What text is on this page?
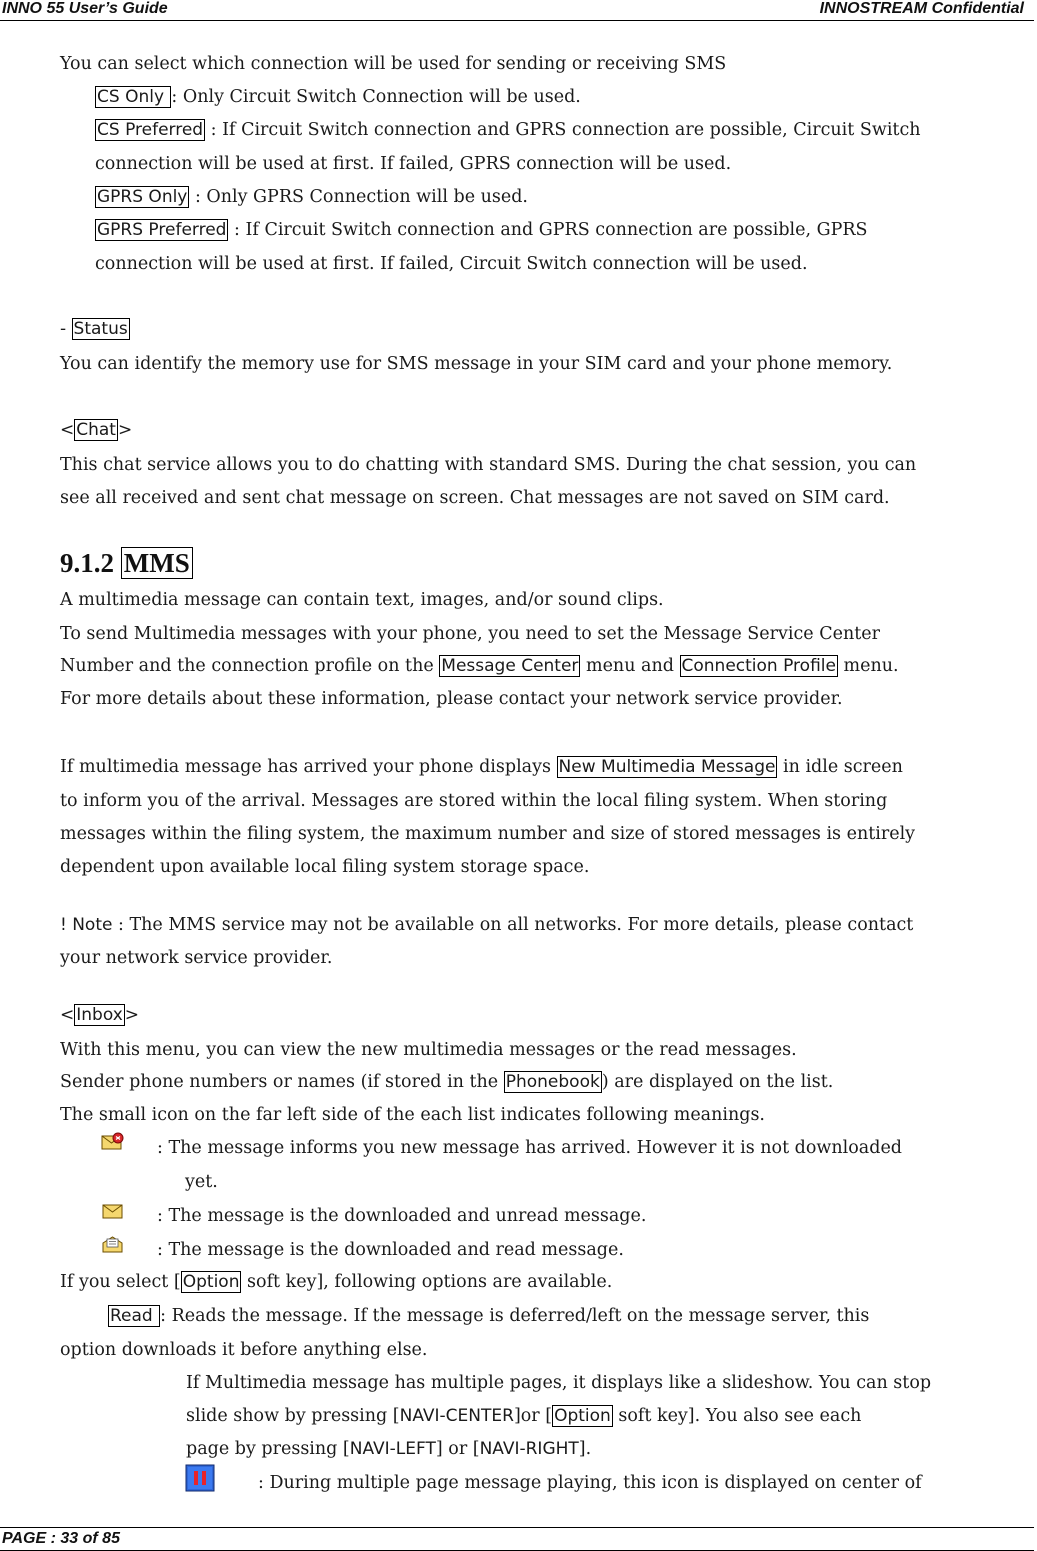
INNO 55 User’s Guide	INNOSTREAM Confidential
You can select which connection will be used for sending or receiving SMS
CS Only : Only Circuit Switch Connection will be used.
CS Preferred : If Circuit Switch connection and GPRS connection are possible, Circuit Switch
connection will be used at first. If failed, GPRS connection will be used.
GPRS Only : Only GPRS Connection will be used.
GPRS Preferred : If Circuit Switch connection and GPRS connection are possible, GPRS
connection will be used at first. If failed, Circuit Switch connection will be used.
- Status
You can identify the memory use for SMS message in your SIM card and your phone memory.
< Chat >
This chat service allows you to do chatting with standard SMS. During the chat session, you can
see all received and sent chat message on screen. Chat messages are not saved on SIM card.
9.1.2 MMS
A multimedia message can contain text, images, and/or sound clips.
To send Multimedia messages with your phone, you need to set the Message Service Center
Number and the connection profile on the Message Center menu and Connection Profile menu.
For more details about these information, please contact your network service provider.
If multimedia message has arrived your phone displays New Multimedia Message in idle screen
to inform you of the arrival. Messages are stored within the local filing system. When storing
messages within the filing system, the maximum number and size of stored messages is entirely
dependent upon available local filing system storage space.
! Note : The MMS service may not be available on all networks. For more details, please contact
your network service provider.
< Inbox >
With this menu, you can view the new multimedia messages or the read messages.
Sender phone numbers or names (if stored in the Phonebook ) are displayed on the list.
The small icon on the far left side of the each list indicates following meanings.
: The message informs you new message has arrived. However it is not downloaded
yet.
: The message is the downloaded and unread message.
: The message is the downloaded and read message.
If you select [ Option soft key], following options are available.
Read : Reads the message. If the message is deferred/left on the message server, this
option downloads it before anything else.
If Multimedia message has multiple pages, it displays like a slideshow. You can stop
slide show by pressing [NAVI-CENTER]or [ Option soft key]. You also see each
page by pressing [NAVI-LEFT] or [NAVI-RIGHT].
: During multiple page message playing, this icon is displayed on center of
PAGE : 33 of 85
